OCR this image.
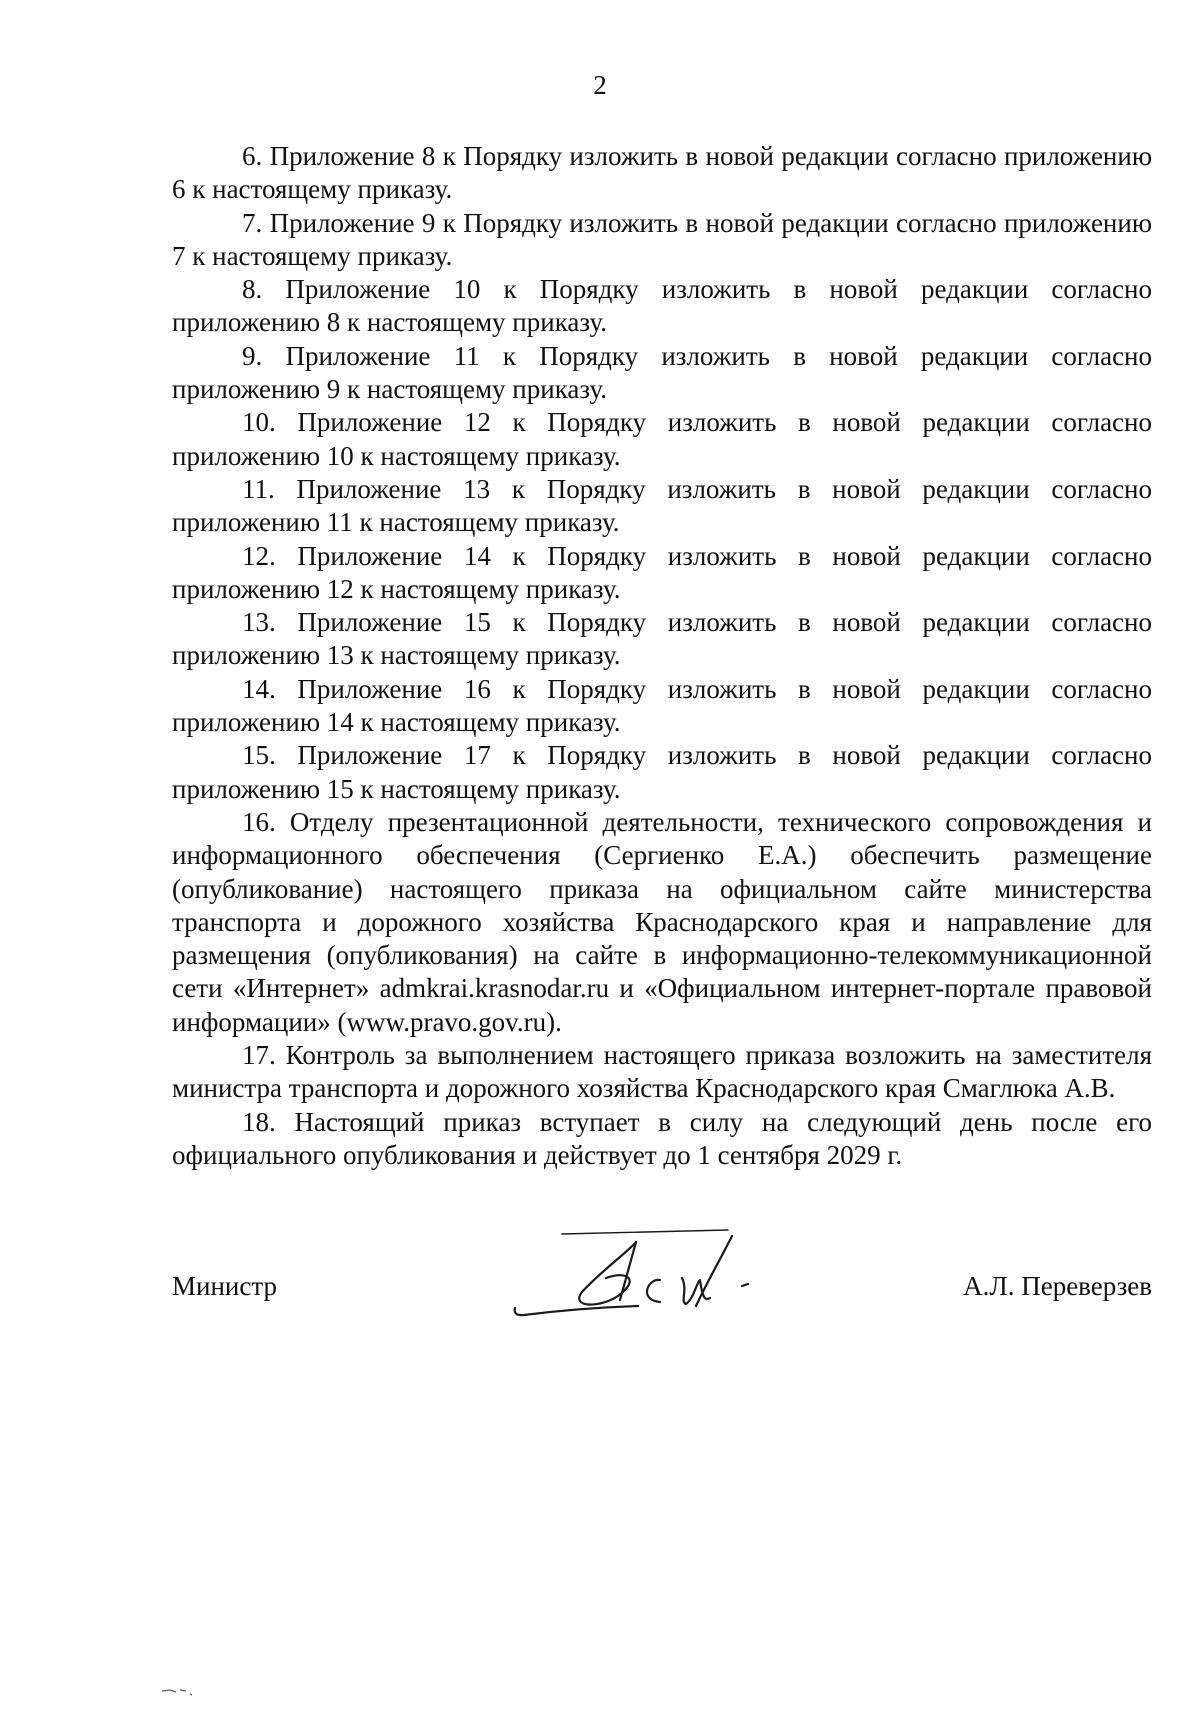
2

6. Приложение 8 к Порядку изложить в новой редакции согласно приложению 6 к настоящему приказу.

7. Приложение 9 к Порядку изложить в новой редакции согласно приложению 7 к настоящему приказу.

8. Приложение 10 к Порядку изложить в новой редакции согласно приложению 8 к настоящему приказу.

9. Приложение 11 к Порядку изложить в новой редакции согласно приложению 9 к настоящему приказу.

10. Приложение 12 к Порядку изложить в новой редакции согласно приложению 10 к настоящему приказу.

11. Приложение 13 к Порядку изложить в новой редакции согласно приложению 11 к настоящему приказу.

12. Приложение 14 к Порядку изложить в новой редакции согласно приложению 12 к настоящему приказу.

13. Приложение 15 к Порядку изложить в новой редакции согласно приложению 13 к настоящему приказу.

14. Приложение 16 к Порядку изложить в новой редакции согласно приложению 14 к настоящему приказу.

15. Приложение 17 к Порядку изложить в новой редакции согласно приложению 15 к настоящему приказу.

16. Отделу презентационной деятельности, технического сопровождения и информационного обеспечения (Сергиенко Е.А.) обеспечить размещение (опубликование) настоящего приказа на официальном сайте министерства транспорта и дорожного хозяйства Краснодарского края и направление для размещения (опубликования) на сайте в информационно-телекоммуникационной сети «Интернет» admkrai.krasnodar.ru и «Официальном интернет-портале правовой информации» (www.pravo.gov.ru).

17. Контроль за выполнением настоящего приказа возложить на заместителя министра транспорта и дорожного хозяйства Краснодарского края Смаглюка А.В.

18. Настоящий приказ вступает в силу на следующий день после его официального опубликования и действует до 1 сентября 2029 г.

Министр	А.Л. Переверзев
